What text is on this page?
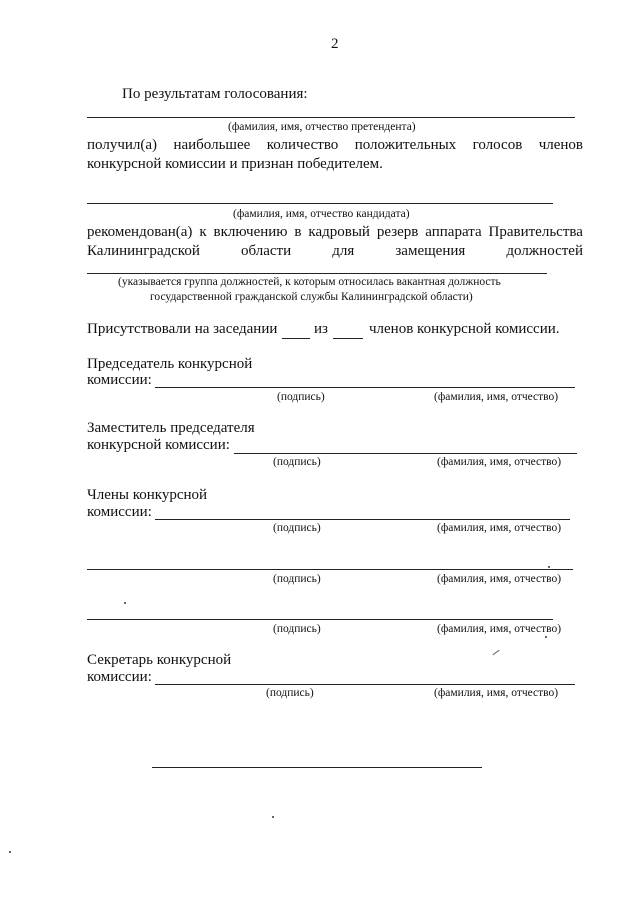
2
По результатам голосования:
(фамилия, имя, отчество претендента)
получил(а) наибольшее количество положительных голосов членов
конкурсной комиссии и признан победителем.
(фамилия, имя, отчество кандидата)
рекомендован(а) к включению в кадровый резерв аппарата Правительства
Калининградской	области	для	замещения	должностей
(указывается группа должностей, к которым относилась вакантная должность
государственной гражданской службы Калининградской области)
Присутствовали на заседании из	членов конкурсной комиссии.
Председатель конкурсной
комиссии:
(подпись)	(фамилия, имя, отчество)
Заместитель председателя
конкурсной комиссии:
(подпись)	(фамилия, имя, отчество)
Члены конкурсной
комиссии:
(подпись)	(фамилия, имя, отчество)
(подпись)	(фамилия, имя, отчество)
(подпись)	(фамилия, имя, отчество)
Секретарь конкурсной
комиссии:
(подпись)	(фамилия, имя, отчество)
